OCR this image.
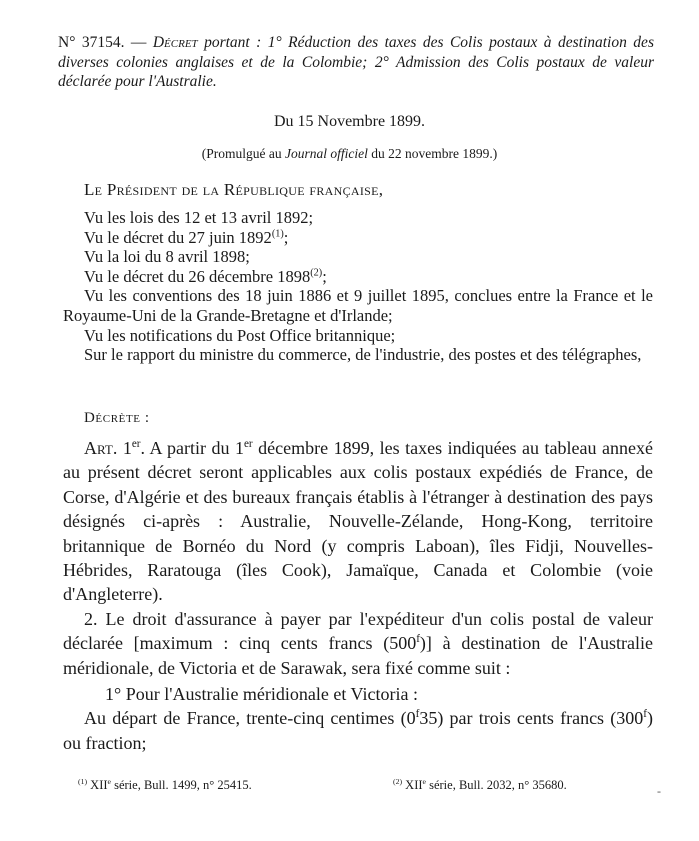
N° 37154. — Décret portant : 1° Réduction des taxes des Colis postaux à destination des diverses colonies anglaises et de la Colombie; 2° Admission des Colis postaux de valeur déclarée pour l'Australie.
Du 15 Novembre 1899.
(Promulgué au Journal officiel du 22 novembre 1899.)
Le Président de la République française,
Vu les lois des 12 et 13 avril 1892;
Vu le décret du 27 juin 1892$^{(1)}$;
Vu la loi du 8 avril 1898;
Vu le décret du 26 décembre 1898$^{(2)}$;
Vu les conventions des 18 juin 1886 et 9 juillet 1895, conclues entre la France et le Royaume-Uni de la Grande-Bretagne et d'Irlande;
Vu les notifications du Post Office britannique;
Sur le rapport du ministre du commerce, de l'industrie, des postes et des télégraphes,
Décrète :

Art. 1er. A partir du 1er décembre 1899, les taxes indiquées au tableau annexé au présent décret seront applicables aux colis postaux expédiés de France, de Corse, d'Algérie et des bureaux français établis à l'étranger à destination des pays désignés ci-après : Australie, Nouvelle-Zélande, Hong-Kong, territoire britannique de Bornéo du Nord (y compris Laboan), îles Fidji, Nouvelles-Hébrides, Raratouga (îles Cook), Jamaïque, Canada et Colombie (voie d'Angleterre).

2. Le droit d'assurance à payer par l'expéditeur d'un colis postal de valeur déclarée [maximum : cinq cents francs (500$^f$)] à destination de l'Australie méridionale, de Victoria et de Sarawak, sera fixé comme suit :

1° Pour l'Australie méridionale et Victoria :

Au départ de France, trente-cinq centimes (0$^f$35) par trois cents francs (300$^f$) ou fraction;

$^{(1)}$ XIIe série, Bull. 1499, n° 25415.	$^{(2)}$ XIIe série, Bull. 2032, n° 35680.	-
